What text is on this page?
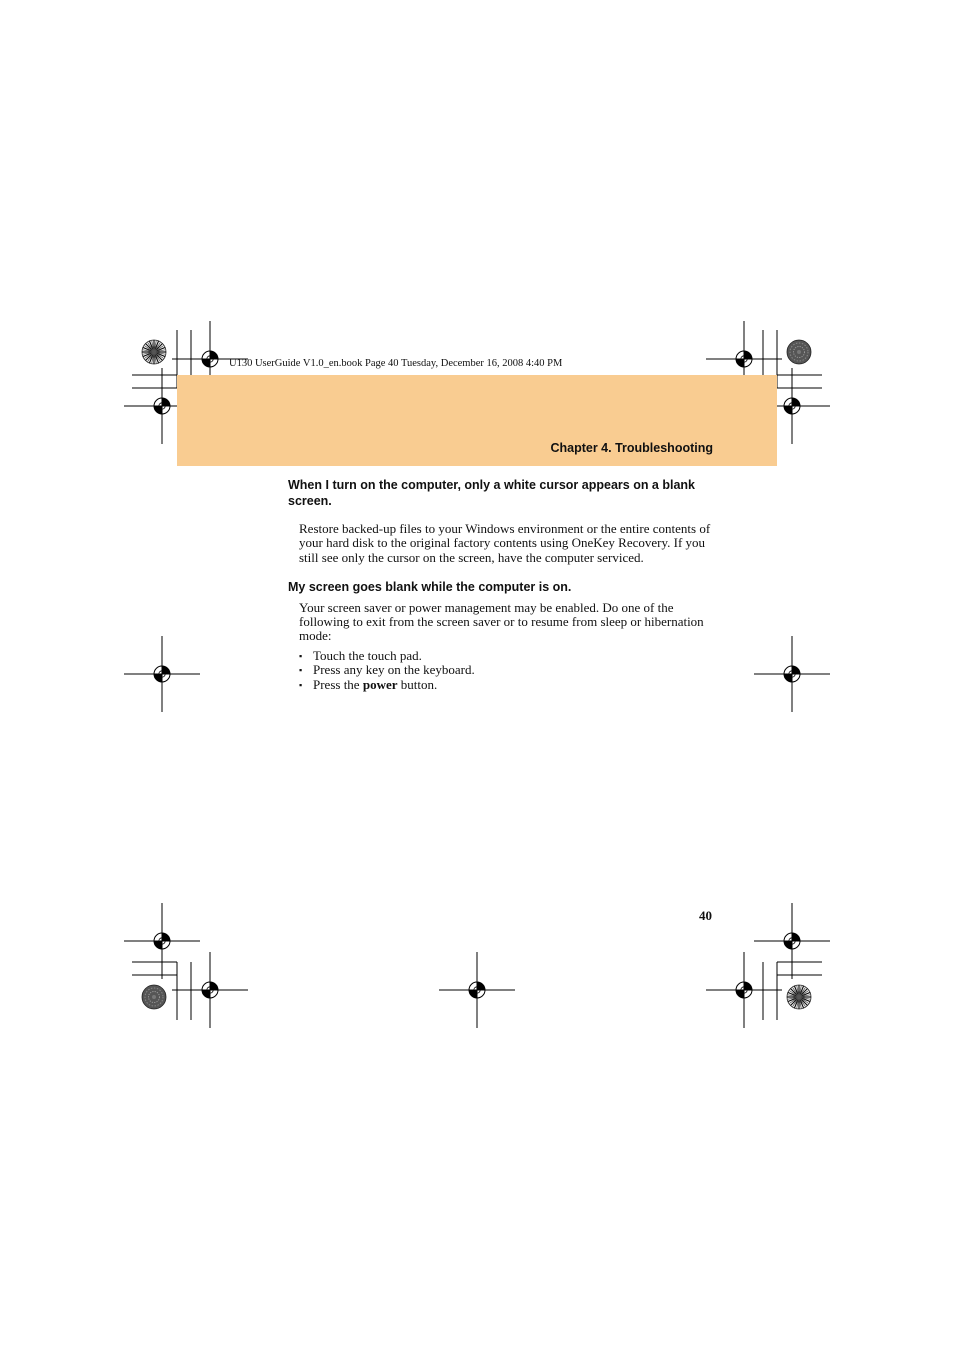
U130 UserGuide V1.0_en.book Page 40 Tuesday, December 16, 2008 4:40 PM
Chapter 4. Troubleshooting
When I turn on the computer, only a white cursor appears on a blank screen.

Restore backed-up files to your Windows environment or the entire contents of your hard disk to the original factory contents using OneKey Recovery. If you still see only the cursor on the screen, have the computer serviced.

My screen goes blank while the computer is on.

Your screen saver or power management may be enabled. Do one of the following to exit from the screen saver or to resume from sleep or hibernation mode:

▪ Touch the touch pad.
▪ Press any key on the keyboard.
▪ Press the power button.
40
